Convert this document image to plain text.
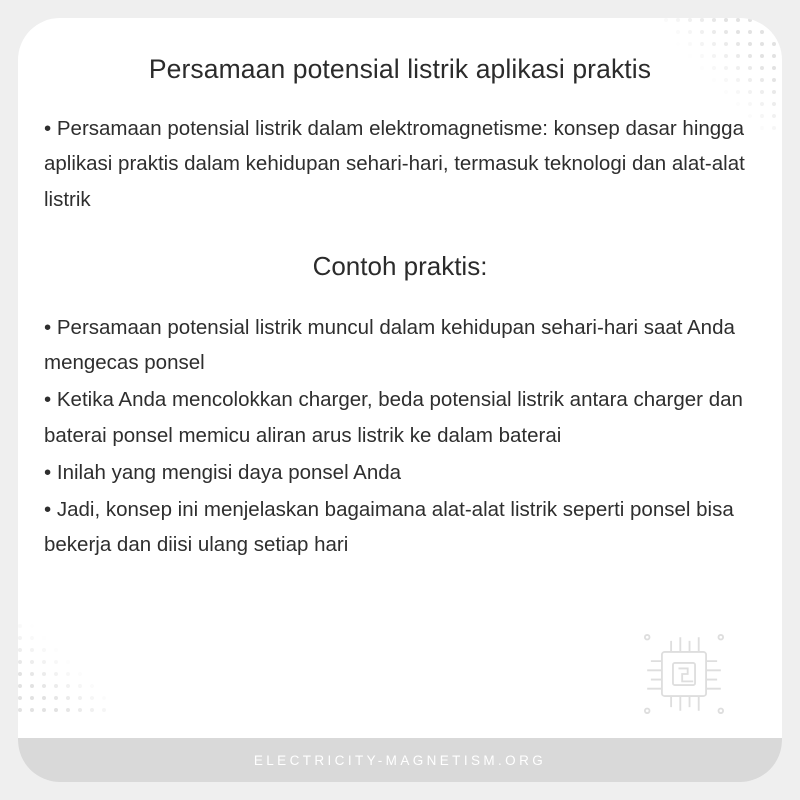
Persamaan potensial listrik aplikasi praktis

• Persamaan potensial listrik dalam elektromagnetisme: konsep dasar hingga aplikasi praktis dalam kehidupan sehari-hari, termasuk teknologi dan alat-alat listrik

Contoh praktis:

• Persamaan potensial listrik muncul dalam kehidupan sehari-hari saat Anda mengecas ponsel

• Ketika Anda mencolokkan charger, beda potensial listrik antara charger dan baterai ponsel memicu aliran arus listrik ke dalam baterai

• Inilah yang mengisi daya ponsel Anda

• Jadi, konsep ini menjelaskan bagaimana alat-alat listrik seperti ponsel bisa bekerja dan diisi ulang setiap hari

ELECTRICITY-MAGNETISM.ORG
